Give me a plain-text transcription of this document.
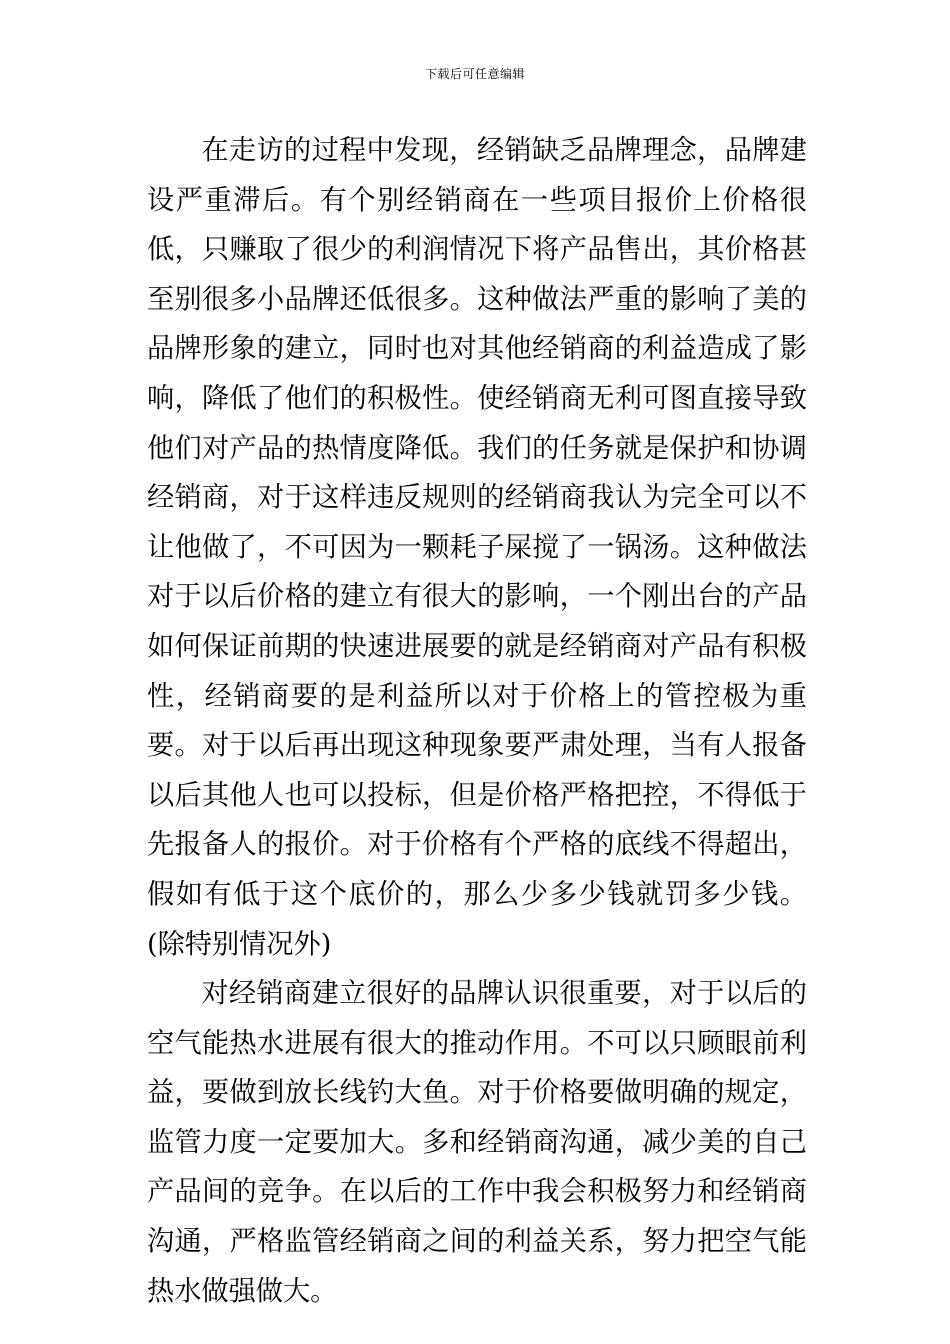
下载后可任意编辑

在走访的过程中发现，经销缺乏品牌理念，品牌建设严重滞后。有个别经销商在一些项目报价上价格很低，只赚取了很少的利润情况下将产品售出，其价格甚至别很多小品牌还低很多。这种做法严重的影响了美的品牌形象的建立，同时也对其他经销商的利益造成了影响，降低了他们的积极性。使经销商无利可图直接导致他们对产品的热情度降低。我们的任务就是保护和协调经销商，对于这样违反规则的经销商我认为完全可以不让他做了，不可因为一颗耗子屎搅了一锅汤。这种做法对于以后价格的建立有很大的影响，一个刚出台的产品如何保证前期的快速进展要的就是经销商对产品有积极性，经销商要的是利益所以对于价格上的管控极为重要。对于以后再出现这种现象要严肃处理，当有人报备以后其他人也可以投标，但是价格严格把控，不得低于先报备人的报价。对于价格有个严格的底线不得超出，假如有低于这个底价的，那么少多少钱就罚多少钱。(除特别情况外)

对经销商建立很好的品牌认识很重要，对于以后的空气能热水进展有很大的推动作用。不可以只顾眼前利益，要做到放长线钓大鱼。对于价格要做明确的规定，监管力度一定要加大。多和经销商沟通，减少美的自己产品间的竞争。在以后的工作中我会积极努力和经销商沟通，严格监管经销商之间的利益关系，努力把空气能热水做强做大。
